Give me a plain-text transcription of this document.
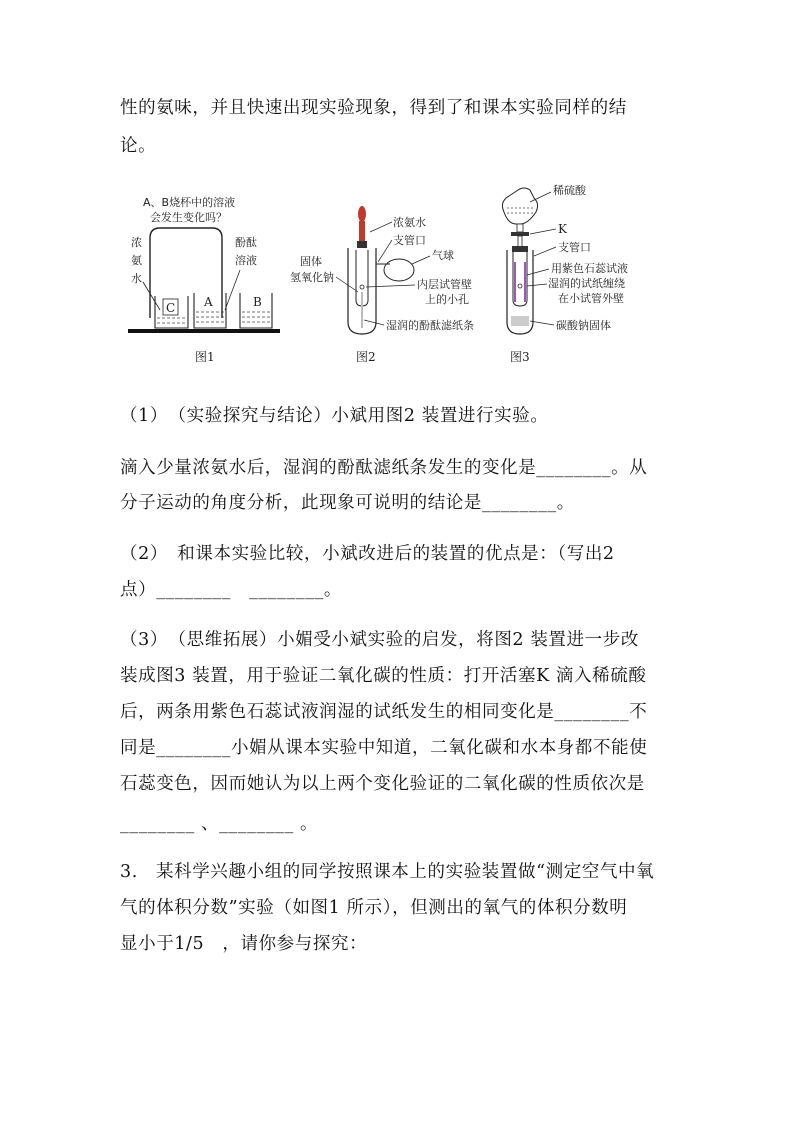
性的氨味，并且快速出现实验现象，得到了和课本实验同样的结
论。
A、B烧杯中的溶液
会发生变化吗？
浓
氨
水
酚酞
溶液
C A	B
图1
浓氨水
支管口
气球
固体
氢氧化钠
内层试管壁
上的小孔
湿润的酚酞滤纸条
图2
稀硫酸
K
支管口
用紫色石蕊试液
湿润的试纸缠绕
在小试管外壁
碳酸钠固体
图3
（1）　（实验探究与结论）小斌用图2 装置进行实验。
滴入少量浓氨水后，湿润的酚酞滤纸条发生的变化是________。从
分子运动的角度分析，此现象可说明的结论是________。
（2）　和课本实验比较，小斌改进后的装置的优点是：（写出2
点）________　________。
（3）　（思维拓展）小媚受小斌实验的启发，将图2 装置进一步改
装成图3 装置，用于验证二氧化碳的性质：打开活塞K 滴入稀硫酸
后，两条用紫色石蕊试液润湿的试纸发生的相同变化是________不
同是________小媚从课本实验中知道，二氧化碳和水本身都不能使
石蕊变色，因而她认为以上两个变化验证的二氧化碳的性质依次是
________ 、________ 。
3.　某科学兴趣小组的同学按照课本上的实验装置做“测定空气中氧
气的体积分数”实验（如图1 所示），但测出的氧气的体积分数明
显小于1/5　，请你参与探究：
